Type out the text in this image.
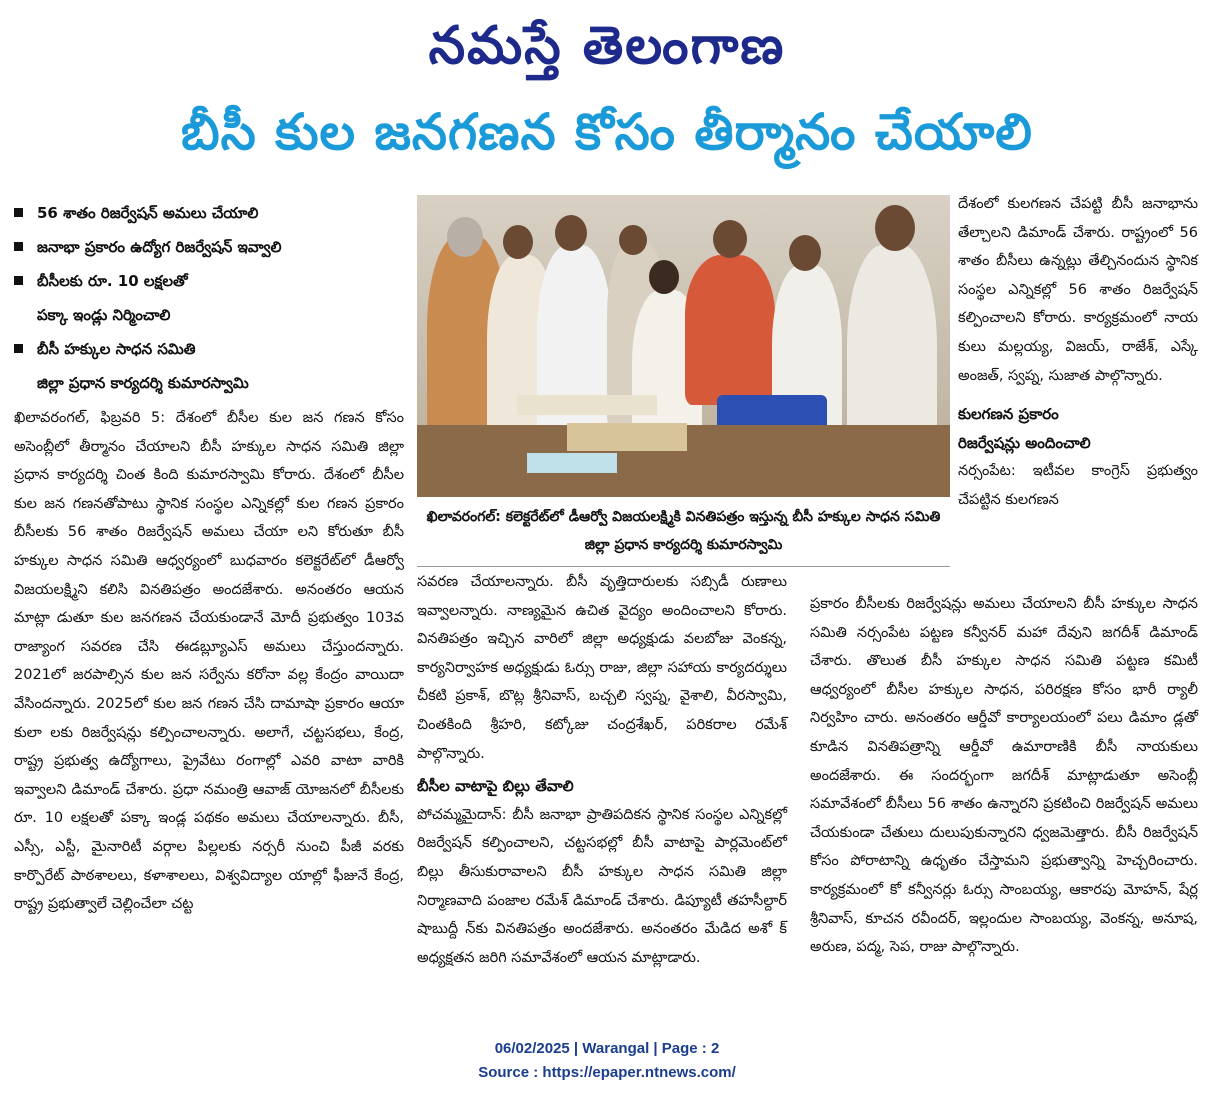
నమస్తే తెలంగాణ
బీసీ కుల జనగణన కోసం తీర్మానం చేయాలి
56 శాతం రిజర్వేషన్ అమలు చేయాలి
జనాభా ప్రకారం ఉద్యోగ రిజర్వేషన్ ఇవ్వాలి
బీసీలకు రూ. 10 లక్షలతో
పక్కా ఇండ్లు నిర్మించాలి
బీసీ హక్కుల సాధన సమితి
జిల్లా ప్రధాన కార్యదర్శి కుమారస్వామి

ఖిలావరంగల్, ఫిబ్రవరి 5: దేశంలో బీసీల కుల జన గణన కోసం అసెంబ్లీలో తీర్మానం చేయాలని బీసీ హక్కుల సాధన సమితి జిల్లా ప్రధాన కార్యదర్శి చింత కింది కుమారస్వామి కోరారు. దేశంలో బీసీల కుల జన గణనతోపాటు స్థానిక సంస్థల ఎన్నికల్లో కుల గణన ప్రకారం బీసీలకు 56 శాతం రిజర్వేషన్ అమలు చేయా లని కోరుతూ బీసీ హక్కుల సాధన సమితి ఆధ్వర్యంలో బుధవారం కలెక్టరేట్‌లో డీఆర్వో విజయలక్ష్మిని కలిసి వినతిపత్రం అందజేశారు. అనంతరం ఆయన మాట్లా డుతూ కుల జనగణన చేయకుండానే మోదీ ప్రభుత్వం 103వ రాజ్యాంగ సవరణ చేసి ఈడబ్ల్యూఎస్ అమలు చేస్తుందన్నారు. 2021లో జరపాల్సిన కుల జన సర్వేను కరోనా వల్ల కేంద్రం వాయిదా వేసిందన్నారు. 2025లో కుల జన గణన చేసి దామాషా ప్రకారం ఆయా కులా లకు రిజర్వేషన్లు కల్పించాలన్నారు. అలాగే, చట్టసభలు, కేంద్ర, రాష్ట్ర ప్రభుత్వ ఉద్యోగాలు, ప్రైవేటు రంగాల్లో ఎవరి వాటా వారికి ఇవ్వాలని డిమాండ్ చేశారు. ప్రధా నమంత్రి ఆవాజ్ యోజనలో బీసీలకు రూ. 10 లక్షలతో పక్కా ఇండ్ల పథకం అమలు చేయాలన్నారు. బీసీ, ఎస్సీ, ఎస్టీ, మైనారిటీ వర్గాల పిల్లలకు నర్సరీ నుంచి పీజీ వరకు కార్పొరేట్ పాఠశాలలు, కళాశాలలు, విశ్వవిద్యాల యాల్లో ఫీజునే కేంద్ర, రాష్ట్ర ప్రభుత్వాలే చెల్లించేలా చట్ట

ఖిలావరంగల్: కలెక్టరేట్‌లో డీఆర్వో విజయలక్ష్మికి వినతిపత్రం ఇస్తున్న బీసీ హక్కుల సాధన సమితి జిల్లా ప్రధాన కార్యదర్శి కుమారస్వామి

సవరణ చేయాలన్నారు. బీసీ వృత్తిదారులకు సబ్సిడీ రుణాలు ఇవ్వాలన్నారు. నాణ్యమైన ఉచిత వైద్యం అందించాలని కోరారు. వినతిపత్రం ఇచ్చిన వారిలో జిల్లా అధ్యక్షుడు వలబోజు వెంకన్న, కార్యనిర్వాహక అధ్యక్షుడు ఓర్సు రాజు, జిల్లా సహాయ కార్యదర్శులు చీకటి ప్రకాశ్, బొట్ల శ్రీనివాస్, బచ్చలి స్వప్న, వైశాలి, వీరస్వామి, చింతకింది శ్రీహరి, కట్కోజు చంద్రశేఖర్, పరికరాల రమేశ్ పాల్గొన్నారు.

బీసీల వాటాపై బిల్లు తేవాలి

పోచమ్మమైదాన్: బీసీ జనాభా ప్రాతిపదికన స్థానిక సంస్థల ఎన్నికల్లో రిజర్వేషన్ కల్పించాలని, చట్టసభల్లో బీసీ వాటాపై పార్లమెంట్‌లో బిల్లు తీసుకురావాలని బీసీ హక్కుల సాధన సమితి జిల్లా నిర్మాణవాది పంజాల రమేశ్ డిమాండ్ చేశారు. డిప్యూటీ తహసీల్దార్ షాబుద్దీ న్‌కు వినతిపత్రం అందజేశారు. అనంతరం మేడిద అశో క్ అధ్యక్షతన జరిగి సమావేశంలో ఆయన మాట్లాడారు.

దేశంలో కులగణన చేపట్టి బీసీ జనాభాను తేల్చాలని డిమాండ్ చేశారు. రాష్ట్రంలో 56 శాతం బీసీలు ఉన్నట్లు తేల్చినందున స్థానిక సంస్థల ఎన్నికల్లో 56 శాతం రిజర్వేషన్ కల్పించాలని కోరారు. కార్యక్రమంలో నాయ కులు మల్లయ్య, విజయ్, రాజేశ్, ఎస్కే అంజత్, స్వప్న, సుజాత పాల్గొన్నారు.

కులగణన ప్రకారం

రిజర్వేషన్లు అందించాలి

నర్సంపేట: ఇటీవల కాంగ్రెస్ ప్రభుత్వం చేపట్టిన కులగణన

ప్రకారం బీసీలకు రిజర్వేషన్లు అమలు చేయాలని బీసీ హక్కుల సాధన సమితి నర్సంపేట పట్టణ కన్వీనర్ మహా దేవుని జగదీశ్ డిమాండ్ చేశారు. తొలుత బీసీ హక్కుల సాధన సమితి పట్టణ కమిటీ ఆధ్వర్యంలో బీసీల హక్కుల సాధన, పరిరక్షణ కోసం భారీ ర్యాలీ నిర్వహిం చారు. అనంతరం ఆర్డీవో కార్యాలయంలో పలు డిమాం డ్లతో కూడిన వినతిపత్రాన్ని ఆర్డీవో ఉమారాణికి బీసీ నాయకులు అందజేశారు. ఈ సందర్భంగా జగదీశ్ మాట్లాడుతూ అసెంబ్లీ సమావేశంలో బీసీలు 56 శాతం ఉన్నారని ప్రకటించి రిజర్వేషన్ అమలు చేయకుండా చేతులు దులుపుకున్నారని ధ్వజమెత్తారు. బీసీ రిజర్వేషన్ కోసం పోరాటాన్ని ఉధృతం చేస్తామని ప్రభుత్వాన్ని హెచ్చరించారు. కార్యక్రమంలో కో కన్వీనర్లు ఓర్సు సాంబయ్య, ఆకారపు మోహన్, షేర్ల శ్రీనివాస్, కూచన రవీందర్, ఇల్లందుల సాంబయ్య, వెంకన్న, అనూష, అరుణ, పద్మ, సెప, రాజు పాల్గొన్నారు.

06/02/2025 | Warangal | Page : 2
Source : https://epaper.ntnews.com/
